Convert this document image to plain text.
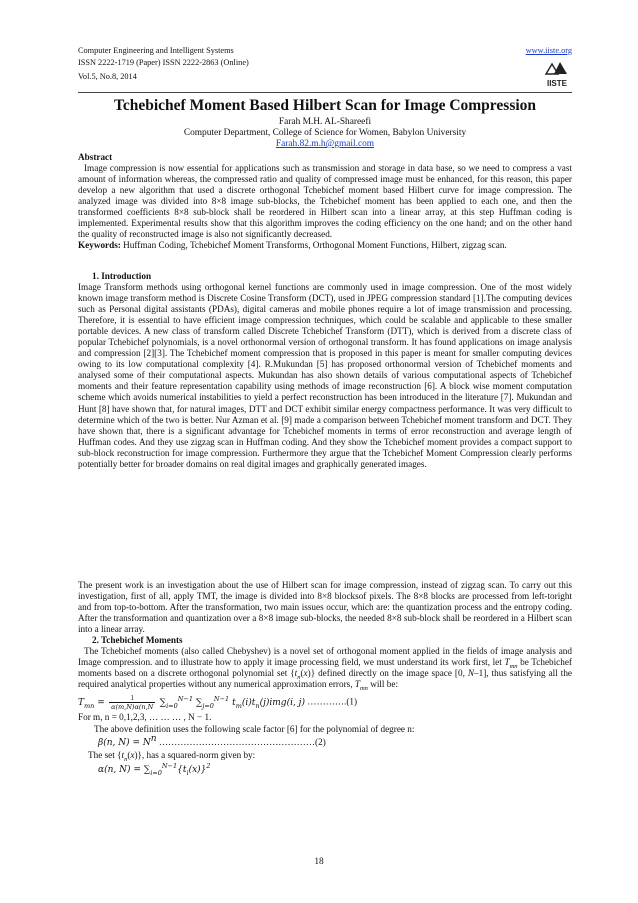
Computer Engineering and Intelligent Systems
ISSN 2222-1719 (Paper) ISSN 2222-2863 (Online)
Vol.5, No.8, 2014
www.iiste.org
IISTE
Tchebichef Moment Based Hilbert Scan for Image Compression
Farah M.H. AL-Shareefi
Computer Department, College of Science for Women, Babylon University
Farah.82.m.h@gmail.com
Abstract
Image compression is now essential for applications such as transmission and storage in data base, so we need to compress a vast amount of information whereas, the compressed ratio and quality of compressed image must be enhanced, for this reason, this paper develop a new algorithm that used a discrete orthogonal Tchebichef moment based Hilbert curve for image compression. The analyzed image was divided into 8×8 image sub-blocks, the Tchebichef moment has been applied to each one, and then the transformed coefficients 8×8 sub-block shall be reordered in Hilbert scan into a linear array, at this step Huffman coding is implemented. Experimental results show that this algorithm improves the coding efficiency on the one hand; and on the other hand the quality of reconstructed image is also not significantly decreased.
Keywords: Huffman Coding, Tchebichef Moment Transforms, Orthogonal Moment Functions, Hilbert, zigzag scan.
1. Introduction
Image Transform methods using orthogonal kernel functions are commonly used in image compression. One of the most widely known image transform method is Discrete Cosine Transform (DCT), used in JPEG compression standard [1].The computing devices such as Personal digital assistants (PDAs), digital cameras and mobile phones require a lot of image transmission and processing. Therefore, it is essential to have efficient image compression techniques, which could be scalable and applicable to these smaller portable devices. A new class of transform called Discrete Tchebichef Transform (DTT), which is derived from a discrete class of popular Tchebichef polynomials, is a novel orthonormal version of orthogonal transform. It has found applications on image analysis and compression [2][3]. The Tchebichef moment compression that is proposed in this paper is meant for smaller computing devices owing to its low computational complexity [4]. R.Mukundan [5] has proposed orthonormal version of Tchebichef moments and analysed some of their computational aspects. Mukundan has also shown details of various computational aspects of Tchebichef moments and their feature representation capability using methods of image reconstruction [6]. A block wise moment computation scheme which avoids numerical instabilities to yield a perfect reconstruction has been introduced in the literature [7]. Mukundan and Hunt [8] have shown that, for natural images, DTT and DCT exhibit similar energy compactness performance. It was very difficult to determine which of the two is better. Nur Azman et al. [9] made a comparison between Tchebichef moment transform and DCT. They have shown that, there is a significant advantage for Tchebichef moments in terms of error reconstruction and average length of Huffman codes. And they use zigzag scan in Huffman coding. And they show the Tchebichef moment provides a compact support to sub-block reconstruction for image compression. Furthermore they argue that the Tchebichef Moment Compression clearly performs potentially better for broader domains on real digital images and graphically generated images.
The present work is an investigation about the use of Hilbert scan for image compression, instead of zigzag scan. To carry out this investigation, first of all, apply TMT, the image is divided into 8×8 blocksof pixels. The 8×8 blocks are processed from left-toright and from top-to-bottom. After the transformation, two main issues occur, which are: the quantization process and the entropy coding. After the transformation and quantization over a 8×8 image sub-blocks, the needed 8×8 sub-block shall be reordered in a Hilbert scan into a linear array.
2. Tchebichef Moments
The Tchebichef moments (also called Chebyshev) is a novel set of orthogonal moment applied in the fields of image analysis and Image compression. and to illustrate how to apply it image processing field, we must understand its work first, let $T_{mn}$ be Tchebichef moments based on a discrete orthogonal polynomial set $\{t_n(x)\}$ defined directly on the image space [0, N–1], thus satisfying all the required analytical properties without any numerical approximation errors, $T_{mn}$ will be:
$T_{mn} = \frac{1}{\alpha(m,N)\alpha(n,N} \sum_{i=0}^{N-1}$ $\sum_{j=0}^{N-1}$ $t_m(i)t_n(j)img(i$, j) ………….(1)
For m, n = 0,1,2,3, … … … , N − 1.
The above definition uses the following scale factor [6] for the polynomial of degree n:
β(n, $N) = N^n$ ……………………………………………(2)
The set $\{t_n(x)\}$, has a squared-norm given by:
α(n, $N) = \sum_{i=0}^{N-1}\{t_i(x)\}^2$
18
